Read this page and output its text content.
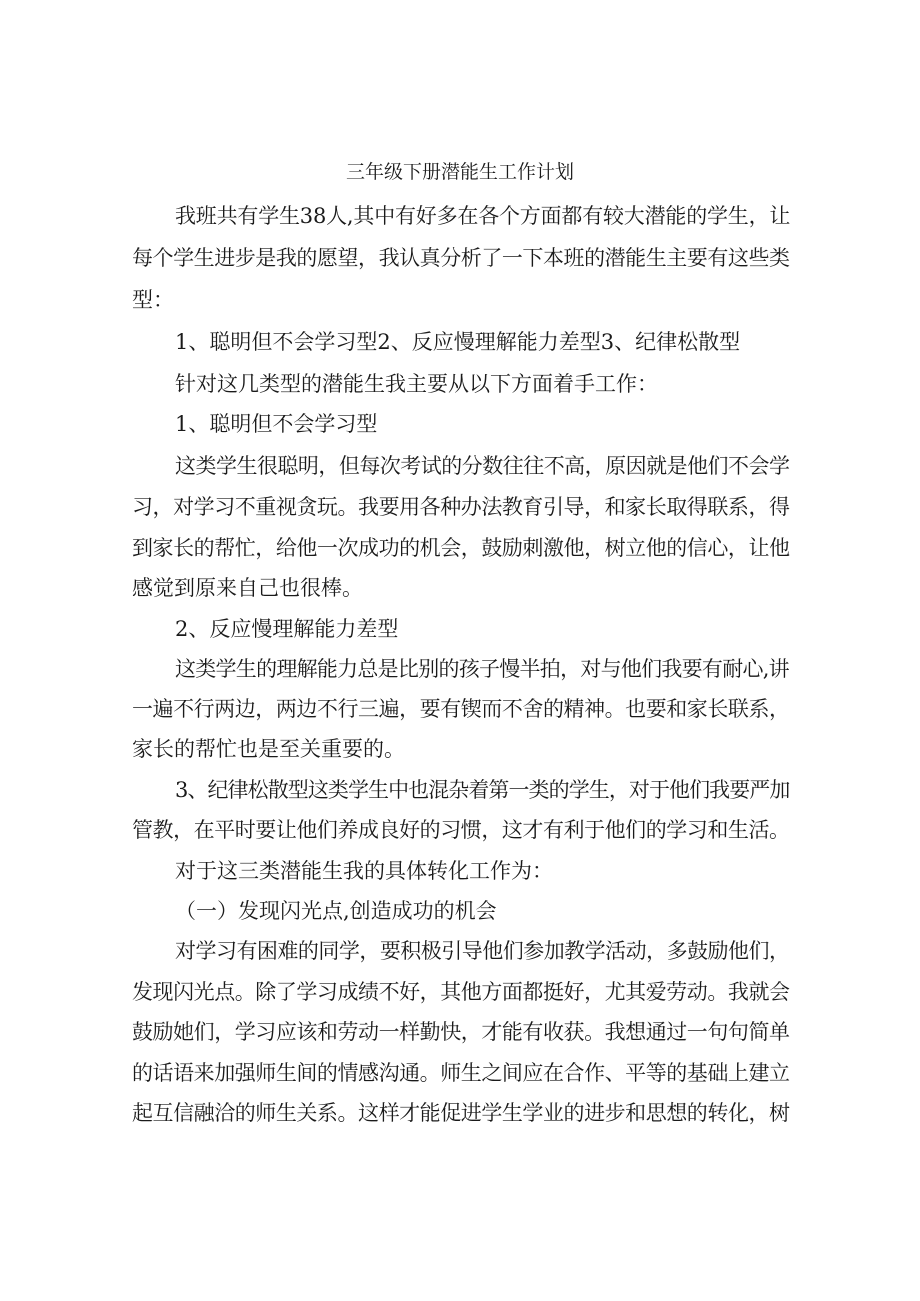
三年级下册潜能生工作计划
我班共有学生38人,其中有好多在各个方面都有较大潜能的学生，让
每个学生进步是我的愿望，我认真分析了一下本班的潜能生主要有这些类
型：
1、聪明但不会学习型2、反应慢理解能力差型3、纪律松散型
针对这几类型的潜能生我主要从以下方面着手工作：
1、聪明但不会学习型
这类学生很聪明，但每次考试的分数往往不高，原因就是他们不会学
习，对学习不重视贪玩。我要用各种办法教育引导，和家长取得联系，得
到家长的帮忙，给他一次成功的机会，鼓励刺激他，树立他的信心，让他
感觉到原来自己也很棒。
2、反应慢理解能力差型
这类学生的理解能力总是比别的孩子慢半拍，对与他们我要有耐心,讲
一遍不行两边，两边不行三遍，要有锲而不舍的精神。也要和家长联系，
家长的帮忙也是至关重要的。
3、纪律松散型这类学生中也混杂着第一类的学生，对于他们我要严加
管教，在平时要让他们养成良好的习惯，这才有利于他们的学习和生活。
对于这三类潜能生我的具体转化工作为：
（一）发现闪光点,创造成功的机会
对学习有困难的同学，要积极引导他们参加教学活动，多鼓励他们，
发现闪光点。除了学习成绩不好，其他方面都挺好，尤其爱劳动。我就会
鼓励她们，学习应该和劳动一样勤快，才能有收获。我想通过一句句简单
的话语来加强师生间的情感沟通。师生之间应在合作、平等的基础上建立
起互信融洽的师生关系。这样才能促进学生学业的进步和思想的转化，树
